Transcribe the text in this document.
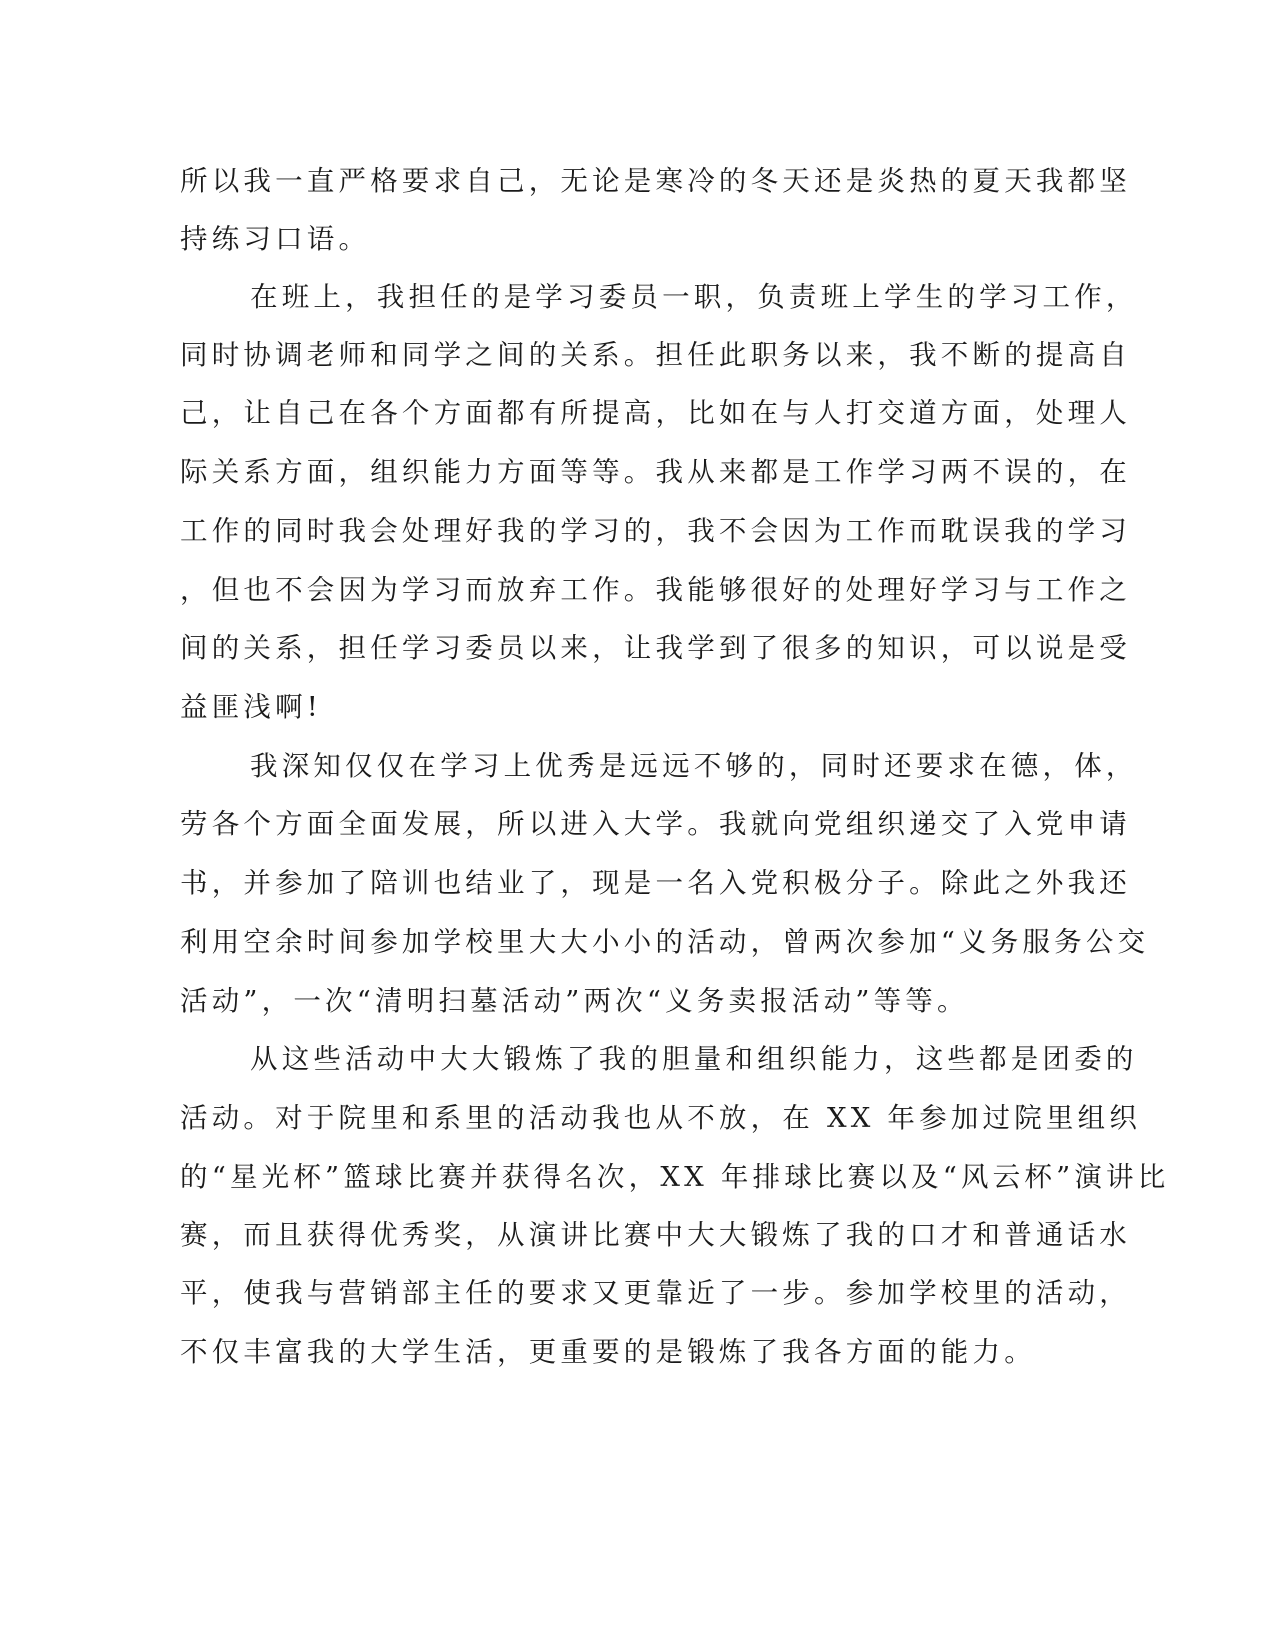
所以我一直严格要求自己，无论是寒冷的冬天还是炎热的夏天我都坚
持练习口语。
在班上，我担任的是学习委员一职，负责班上学生的学习工作，
同时协调老师和同学之间的关系。担任此职务以来，我不断的提高自
己，让自己在各个方面都有所提高，比如在与人打交道方面，处理人
际关系方面，组织能力方面等等。我从来都是工作学习两不误的，在
工作的同时我会处理好我的学习的，我不会因为工作而耽误我的学习
，但也不会因为学习而放弃工作。我能够很好的处理好学习与工作之
间的关系，担任学习委员以来，让我学到了很多的知识，可以说是受
益匪浅啊!
我深知仅仅在学习上优秀是远远不够的，同时还要求在德，体，
劳各个方面全面发展，所以进入大学。我就向党组织递交了入党申请
书，并参加了陪训也结业了，现是一名入党积极分子。除此之外我还
利用空余时间参加学校里大大小小的活动，曾两次参加“义务服务公交
活动”，一次“清明扫墓活动”两次“义务卖报活动”等等。
从这些活动中大大锻炼了我的胆量和组织能力，这些都是团委的
活动。对于院里和系里的活动我也从不放，在 XX 年参加过院里组织
的“星光杯”篮球比赛并获得名次，XX 年排球比赛以及“风云杯”演讲比
赛，而且获得优秀奖，从演讲比赛中大大锻炼了我的口才和普通话水
平，使我与营销部主任的要求又更靠近了一步。参加学校里的活动，
不仅丰富我的大学生活，更重要的是锻炼了我各方面的能力。
